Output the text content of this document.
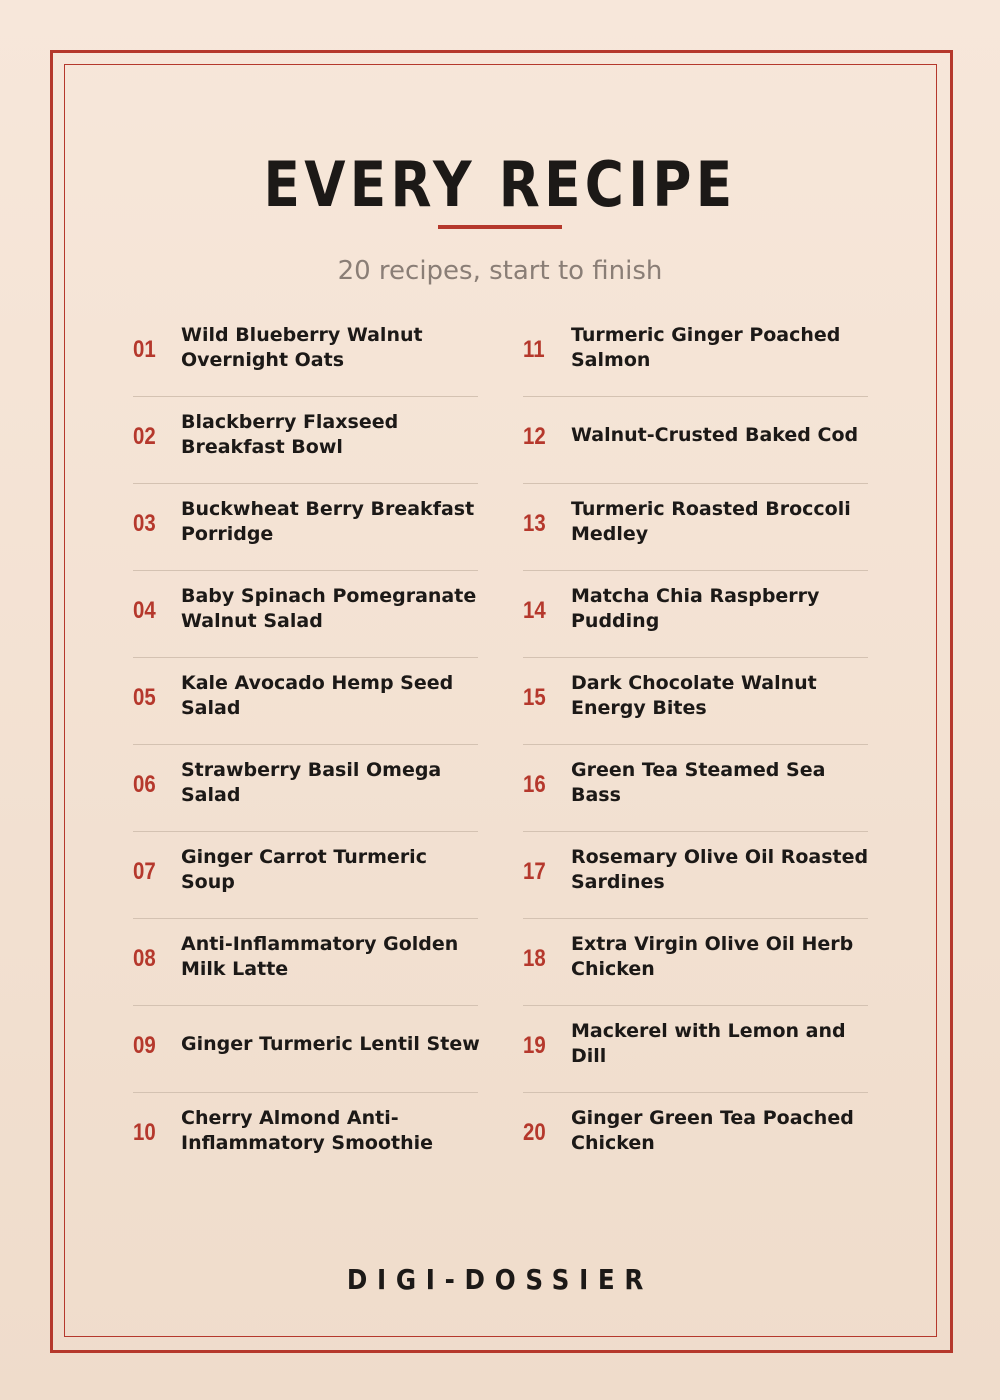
EVERY RECIPE
20 recipes, start to finish
01
Wild Blueberry Walnut Overnight Oats
02
Blackberry Flaxseed Breakfast Bowl
03
Buckwheat Berry Breakfast Porridge
04
Baby Spinach Pomegranate Walnut Salad
05
Kale Avocado Hemp Seed Salad
06
Strawberry Basil Omega Salad
07
Ginger Carrot Turmeric Soup
08
Anti-Inflammatory Golden Milk Latte
09	Ginger Turmeric Lentil Stew
10
Cherry Almond Anti-Inflammatory Smoothie
11
Turmeric Ginger Poached Salmon
12	Walnut-Crusted Baked Cod
13
Turmeric Roasted Broccoli Medley
14
Matcha Chia Raspberry Pudding
15
Dark Chocolate Walnut Energy Bites
16
Green Tea Steamed Sea Bass
17
Rosemary Olive Oil Roasted Sardines
18
Extra Virgin Olive Oil Herb Chicken
19
Mackerel with Lemon and Dill
20
Ginger Green Tea Poached Chicken
DIGI-DOSSIER
